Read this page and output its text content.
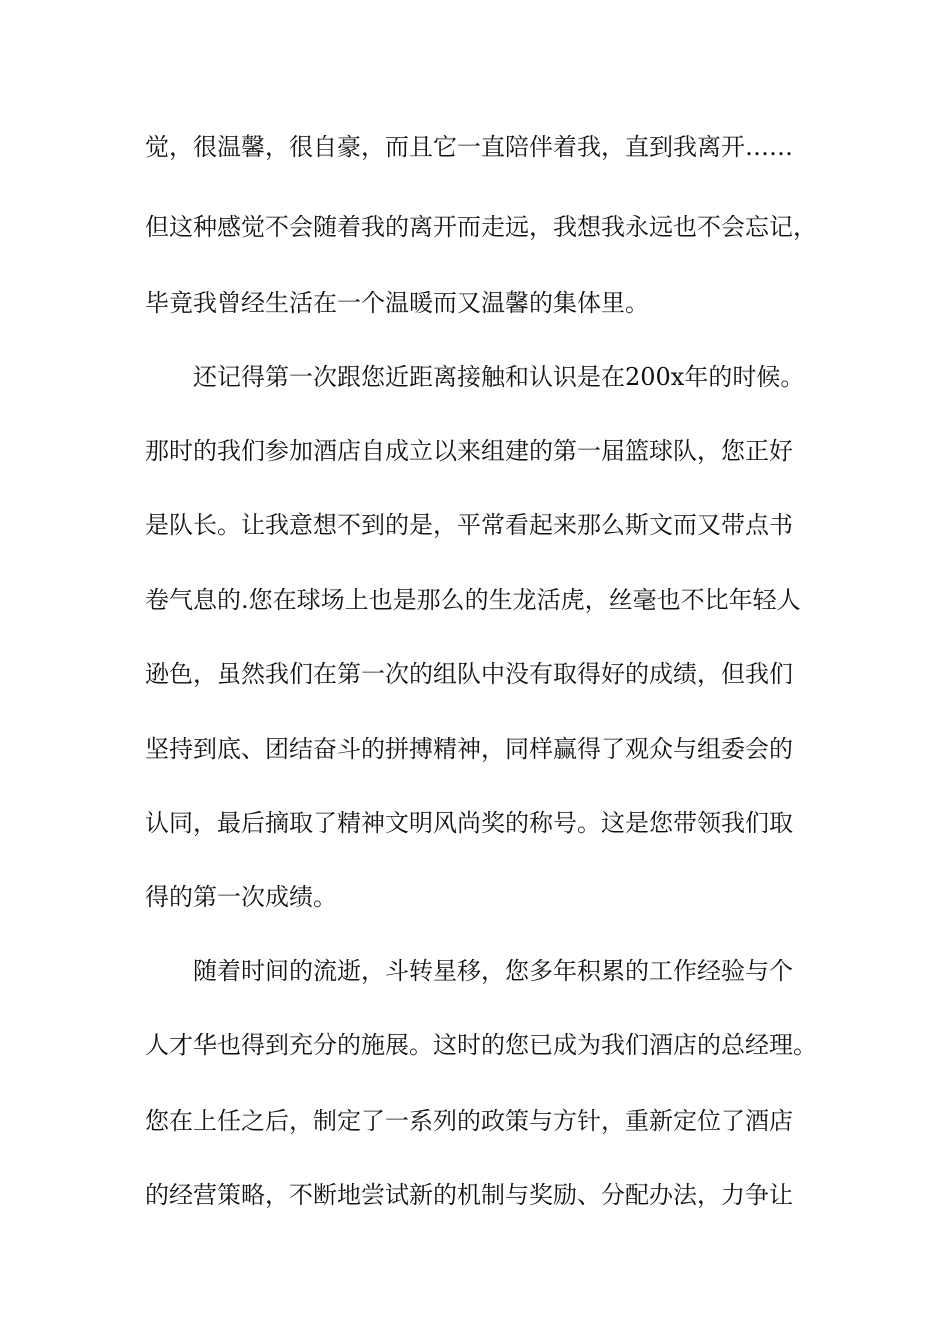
觉，很温馨，很自豪，而且它一直陪伴着我，直到我离开……
但这种感觉不会随着我的离开而走远，我想我永远也不会忘记，
毕竟我曾经生活在一个温暖而又温馨的集体里。
还记得第一次跟您近距离接触和认识是在200x年的时候。
那时的我们参加酒店自成立以来组建的第一届篮球队，您正好
是队长。让我意想不到的是，平常看起来那么斯文而又带点书
卷气息的.您在球场上也是那么的生龙活虎，丝毫也不比年轻人
逊色，虽然我们在第一次的组队中没有取得好的成绩，但我们
坚持到底、团结奋斗的拼搏精神，同样赢得了观众与组委会的
认同，最后摘取了精神文明风尚奖的称号。这是您带领我们取
得的第一次成绩。
随着时间的流逝，斗转星移，您多年积累的工作经验与个
人才华也得到充分的施展。这时的您已成为我们酒店的总经理。
您在上任之后，制定了一系列的政策与方针，重新定位了酒店
的经营策略，不断地尝试新的机制与奖励、分配办法，力争让
